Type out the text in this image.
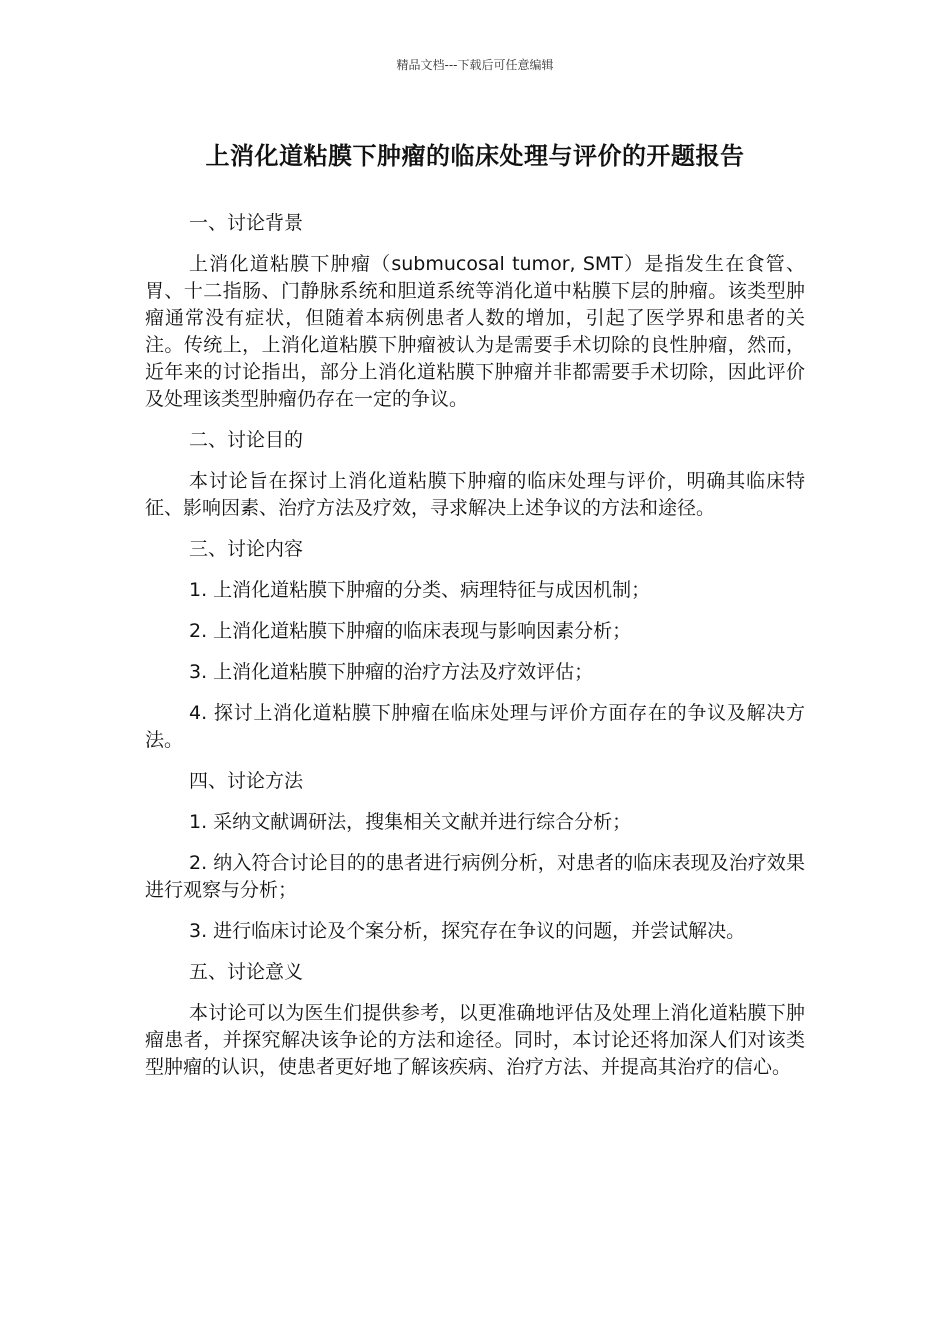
精品文档---下载后可任意编辑
上消化道粘膜下肿瘤的临床处理与评价的开题报告
一、讨论背景

上消化道粘膜下肿瘤（submucosal tumor, SMT）是指发生在食管、胃、十二指肠、门静脉系统和胆道系统等消化道中粘膜下层的肿瘤。该类型肿瘤通常没有症状，但随着本病例患者人数的增加，引起了医学界和患者的关注。传统上，上消化道粘膜下肿瘤被认为是需要手术切除的良性肿瘤，然而，近年来的讨论指出，部分上消化道粘膜下肿瘤并非都需要手术切除，因此评价及处理该类型肿瘤仍存在一定的争议。

二、讨论目的

本讨论旨在探讨上消化道粘膜下肿瘤的临床处理与评价，明确其临床特征、影响因素、治疗方法及疗效，寻求解决上述争议的方法和途径。

三、讨论内容

1. 上消化道粘膜下肿瘤的分类、病理特征与成因机制；

2. 上消化道粘膜下肿瘤的临床表现与影响因素分析；

3. 上消化道粘膜下肿瘤的治疗方法及疗效评估；

4. 探讨上消化道粘膜下肿瘤在临床处理与评价方面存在的争议及解决方法。

四、讨论方法

1. 采纳文献调研法，搜集相关文献并进行综合分析；

2. 纳入符合讨论目的的患者进行病例分析，对患者的临床表现及治疗效果进行观察与分析；

3. 进行临床讨论及个案分析，探究存在争议的问题，并尝试解决。

五、讨论意义

本讨论可以为医生们提供参考，以更准确地评估及处理上消化道粘膜下肿瘤患者，并探究解决该争论的方法和途径。同时，本讨论还将加深人们对该类型肿瘤的认识，使患者更好地了解该疾病、治疗方法、并提高其治疗的信心。
